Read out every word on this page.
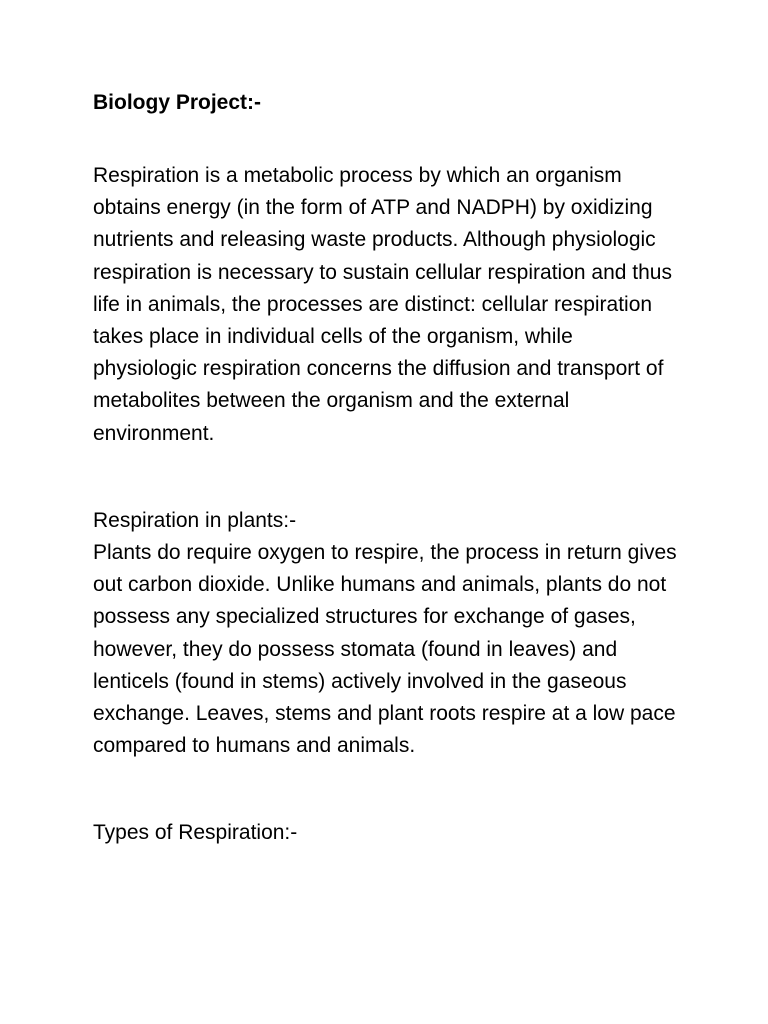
Biology Project:-

Respiration is a metabolic process by which an organism obtains energy (in the form of ATP and NADPH) by oxidizing nutrients and releasing waste products. Although physiologic respiration is necessary to sustain cellular respiration and thus life in animals, the processes are distinct: cellular respiration takes place in individual cells of the organism, while physiologic respiration concerns the diffusion and transport of metabolites between the organism and the external environment.

Respiration in plants:-

Plants do require oxygen to respire, the process in return gives out carbon dioxide. Unlike humans and animals, plants do not possess any specialized structures for exchange of gases, however, they do possess stomata (found in leaves) and lenticels (found in stems) actively involved in the gaseous exchange. Leaves, stems and plant roots respire at a low pace compared to humans and animals.

Types of Respiration:-
